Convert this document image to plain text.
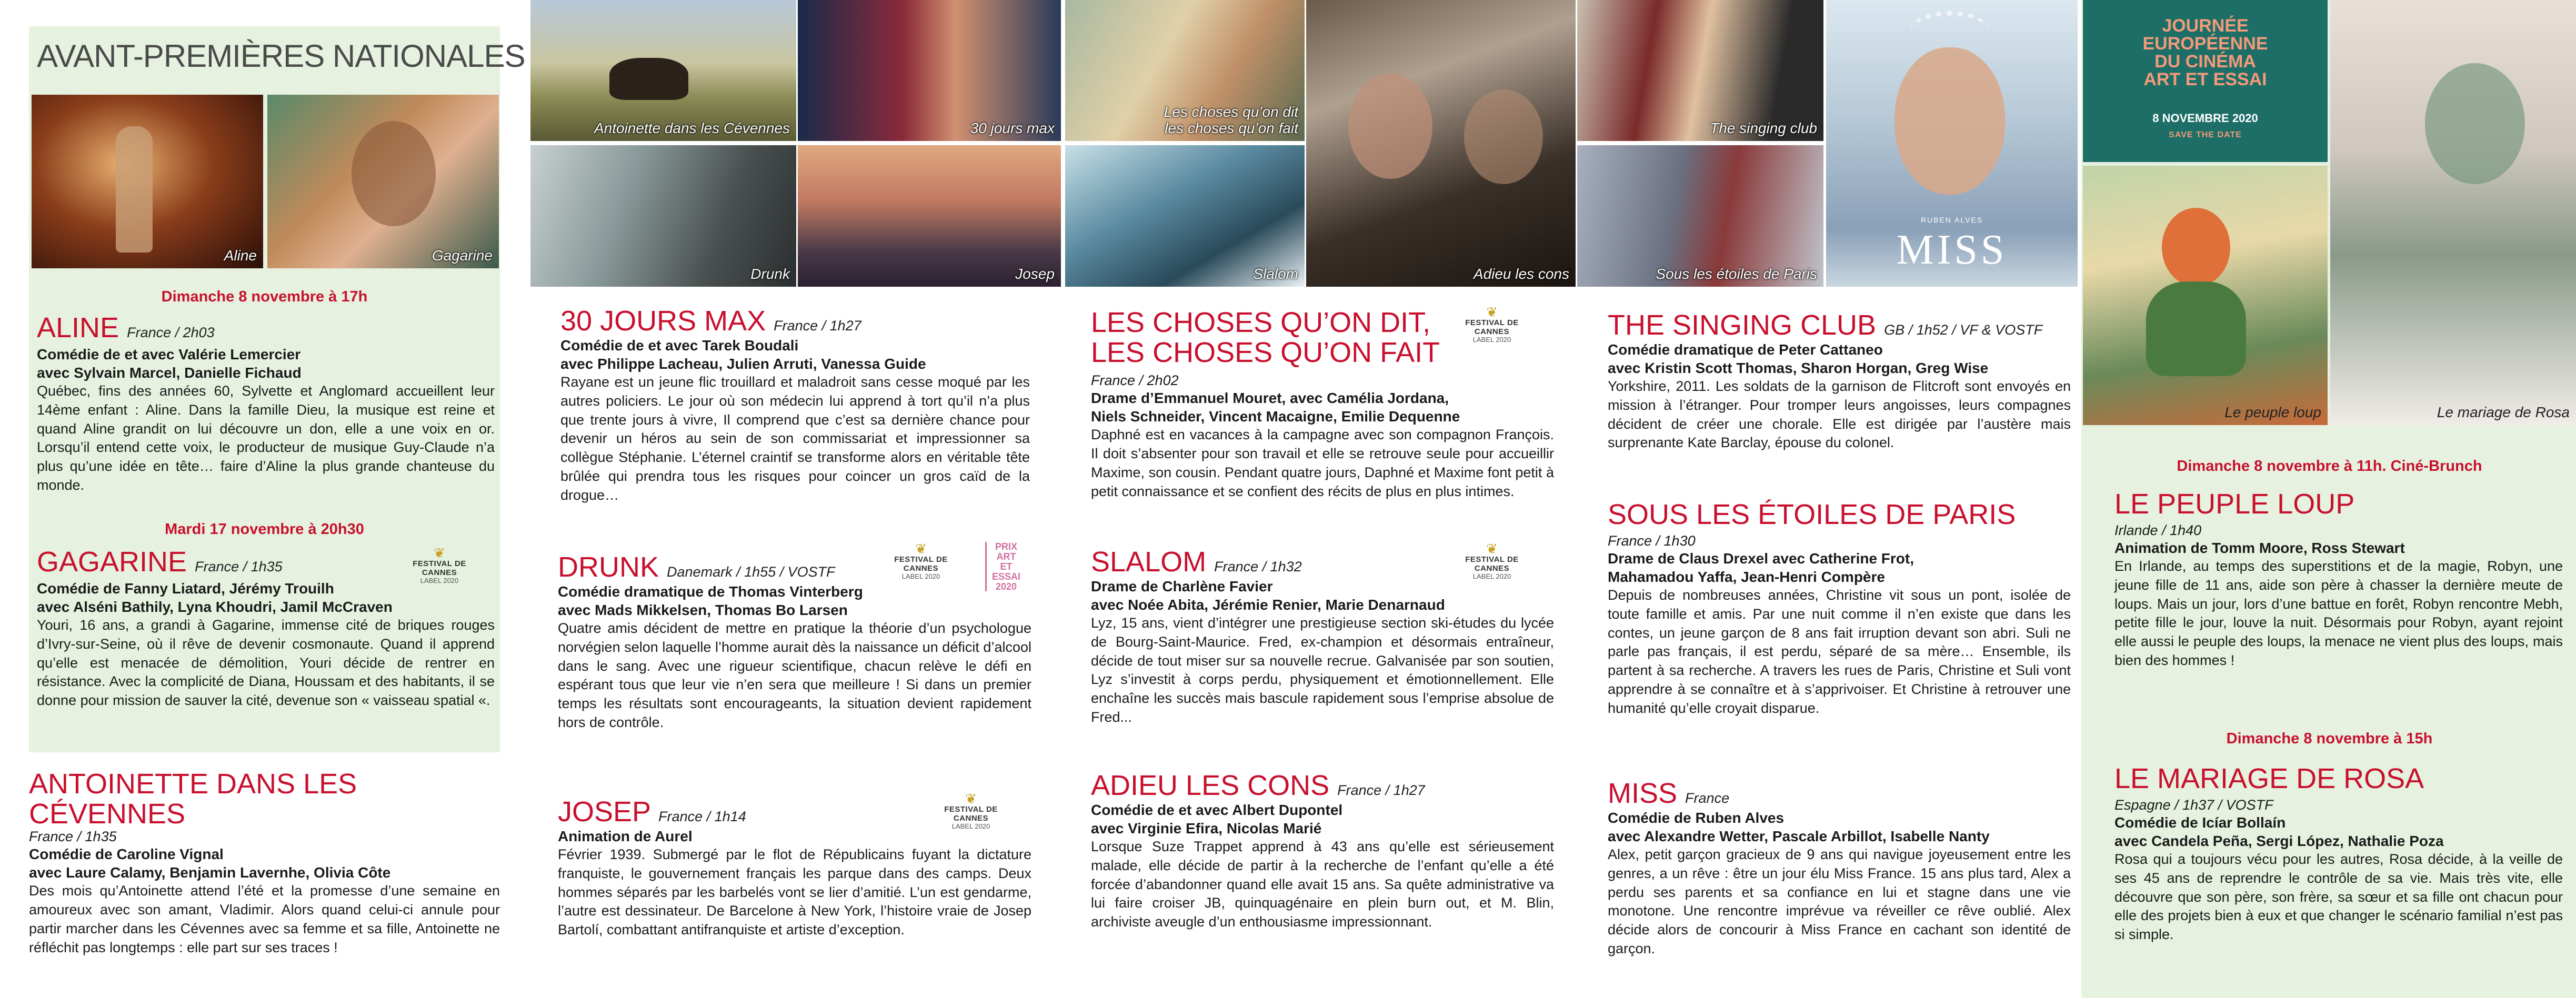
AVANT-PREMIÈRES NATIONALES
Aline	Gagarine
Dimanche 8 novembre à 17h
ALINE France / 2h03
Comédie de et avec Valérie Lemercier
avec Sylvain Marcel, Danielle Fichaud
Québec, fins des années 60, Sylvette et Anglomard accueillent leur 14ème enfant : Aline. Dans la famille Dieu, la musique est reine et quand Aline grandit on lui découvre un don, elle a une voix en or. Lorsqu’il entend cette voix, le producteur de musique Guy-Claude n’a plus qu’une idée en tête… faire d’Aline la plus grande chanteuse du monde.
Mardi 17 novembre à 20h30
❦
FESTIVAL DE CANNES
LABEL 2020
GAGARINE France / 1h35
Comédie de Fanny Liatard, Jérémy Trouilh
avec Alséni Bathily, Lyna Khoudri, Jamil McCraven
Youri, 16 ans, a grandi à Gagarine, immense cité de briques rouges d’Ivry-sur-Seine, où il rêve de devenir cosmonaute. Quand il apprend qu’elle est menacée de démolition, Youri décide de rentrer en résistance. Avec la complicité de Diana, Houssam et des habitants, il se donne pour mission de sauver la cité, devenue son « vaisseau spatial «.
ANTOINETTE DANS LES CÉVENNES
France / 1h35
Comédie de Caroline Vignal
avec Laure Calamy, Benjamin Lavernhe, Olivia Côte
Des mois qu’Antoinette attend l’été et la promesse d’une semaine en amoureux avec son amant, Vladimir. Alors quand celui-ci annule pour partir marcher dans les Cévennes avec sa femme et sa fille, Antoinette ne réfléchit pas longtemps : elle part sur ses traces !
Antoinette dans les Cévennes	30 jours max
Les choses qu’on dit
les choses qu’on fait
Adieu les cons
The singing club
MISS
RUBEN ALVES
Drunk	Josep	Slalom	Sous les étoiles de Paris
JOURNÉE
EUROPÉENNE
DU CINÉMA
ART ET ESSAI
8 NOVEMBRE 2020
SAVE THE DATE
Le mariage de Rosa
Le peuple loup
Dimanche 8 novembre à 11h. Ciné-Brunch
LE PEUPLE LOUP
Irlande / 1h40
Animation de Tomm Moore, Ross Stewart
En Irlande, au temps des superstitions et de la magie, Robyn, une jeune fille de 11 ans, aide son père à chasser la dernière meute de loups. Mais un jour, lors d’une battue en forêt, Robyn rencontre Mebh, petite fille le jour, louve la nuit. Désormais pour Robyn, ayant rejoint elle aussi le peuple des loups, la menace ne vient plus des loups, mais bien des hommes !
Dimanche 8 novembre à 15h
LE MARIAGE DE ROSA
Espagne / 1h37 / VOSTF
Comédie de Icíar Bollaín
avec Candela Peña, Sergi López, Nathalie Poza
Rosa qui a toujours vécu pour les autres, Rosa décide, à la veille de ses 45 ans de reprendre le contrôle de sa vie. Mais très vite, elle découvre que son père, son frère, sa sœur et sa fille ont chacun pour elle des projets bien à eux et que changer le scénario familial n’est pas si simple.
30 JOURS MAX France / 1h27
Comédie de et avec Tarek Boudali
avec Philippe Lacheau, Julien Arruti, Vanessa Guide
Rayane est un jeune flic trouillard et maladroit sans cesse moqué par les autres policiers. Le jour où son médecin lui apprend à tort qu’il n’a plus que trente jours à vivre, Il comprend que c’est sa dernière chance pour devenir un héros au sein de son commissariat et impressionner sa collègue Stéphanie. L’éternel craintif se transforme alors en véritable tête brûlée qui prendra tous les risques pour coincer un gros caïd de la drogue…
❦
FESTIVAL DE CANNES
LABEL 2020
PRIX
ART
ET
ESSAI
2020
DRUNK Danemark / 1h55 / VOSTF
Comédie dramatique de Thomas Vinterberg
avec Mads Mikkelsen, Thomas Bo Larsen
Quatre amis décident de mettre en pratique la théorie d’un psychologue norvégien selon laquelle l’homme aurait dès la naissance un déficit d’alcool dans le sang. Avec une rigueur scientifique, chacun relève le défi en espérant tous que leur vie n’en sera que meilleure ! Si dans un premier temps les résultats sont encourageants, la situation devient rapidement hors de contrôle.
❦
FESTIVAL DE CANNES
LABEL 2020
JOSEP France / 1h14
Animation de Aurel
Février 1939. Submergé par le flot de Républicains fuyant la dictature franquiste, le gouvernement français les parque dans des camps. Deux hommes séparés par les barbelés vont se lier d’amitié. L’un est gendarme, l’autre est dessinateur. De Barcelone à New York, l’histoire vraie de Josep Bartolí, combattant antifranquiste et artiste d’exception.
❦
FESTIVAL DE CANNES
LABEL 2020
LES CHOSES QU’ON DIT,
LES CHOSES QU’ON FAIT
France / 2h02
Drame d’Emmanuel Mouret, avec Camélia Jordana,
Niels Schneider, Vincent Macaigne, Emilie Dequenne
Daphné est en vacances à la campagne avec son compagnon François. Il doit s’absenter pour son travail et elle se retrouve seule pour accueillir Maxime, son cousin. Pendant quatre jours, Daphné et Maxime font petit à petit connaissance et se confient des récits de plus en plus intimes.
❦
FESTIVAL DE CANNES
LABEL 2020
SLALOM France / 1h32
Drame de Charlène Favier
avec Noée Abita, Jérémie Renier, Marie Denarnaud
Lyz, 15 ans, vient d’intégrer une prestigieuse section ski-études du lycée de Bourg-Saint-Maurice. Fred, ex-champion et désormais entraîneur, décide de tout miser sur sa nouvelle recrue. Galvanisée par son soutien, Lyz s’investit à corps perdu, physiquement et émotionnellement. Elle enchaîne les succès mais bascule rapidement sous l’emprise absolue de Fred...
ADIEU LES CONS France / 1h27
Comédie de et avec Albert Dupontel
avec Virginie Efira, Nicolas Marié
Lorsque Suze Trappet apprend à 43 ans qu’elle est sérieusement malade, elle décide de partir à la recherche de l’enfant qu’elle a été forcée d’abandonner quand elle avait 15 ans. Sa quête administrative va lui faire croiser JB, quinquagénaire en plein burn out, et M. Blin, archiviste aveugle d’un enthousiasme impressionnant.
THE SINGING CLUB GB / 1h52 / VF & VOSTF
Comédie dramatique de Peter Cattaneo
avec Kristin Scott Thomas, Sharon Horgan, Greg Wise
Yorkshire, 2011. Les soldats de la garnison de Flitcroft sont envoyés en mission à l’étranger. Pour tromper leurs angoisses, leurs compagnes décident de créer une chorale. Elle est dirigée par l’austère mais surprenante Kate Barclay, épouse du colonel.
SOUS LES ÉTOILES DE PARIS
France / 1h30
Drame de Claus Drexel avec Catherine Frot,
Mahamadou Yaffa, Jean-Henri Compère
Depuis de nombreuses années, Christine vit sous un pont, isolée de toute famille et amis. Par une nuit comme il n’en existe que dans les contes, un jeune garçon de 8 ans fait irruption devant son abri. Suli ne parle pas français, il est perdu, séparé de sa mère… Ensemble, ils partent à sa recherche. A travers les rues de Paris, Christine et Suli vont apprendre à se connaître et à s’apprivoiser. Et Christine à retrouver une humanité qu’elle croyait disparue.
MISS France
Comédie de Ruben Alves
avec Alexandre Wetter, Pascale Arbillot, Isabelle Nanty
Alex, petit garçon gracieux de 9 ans qui navigue joyeusement entre les genres, a un rêve : être un jour élu Miss France. 15 ans plus tard, Alex a perdu ses parents et sa confiance en lui et stagne dans une vie monotone. Une rencontre imprévue va réveiller ce rêve oublié. Alex décide alors de concourir à Miss France en cachant son identité de garçon.
